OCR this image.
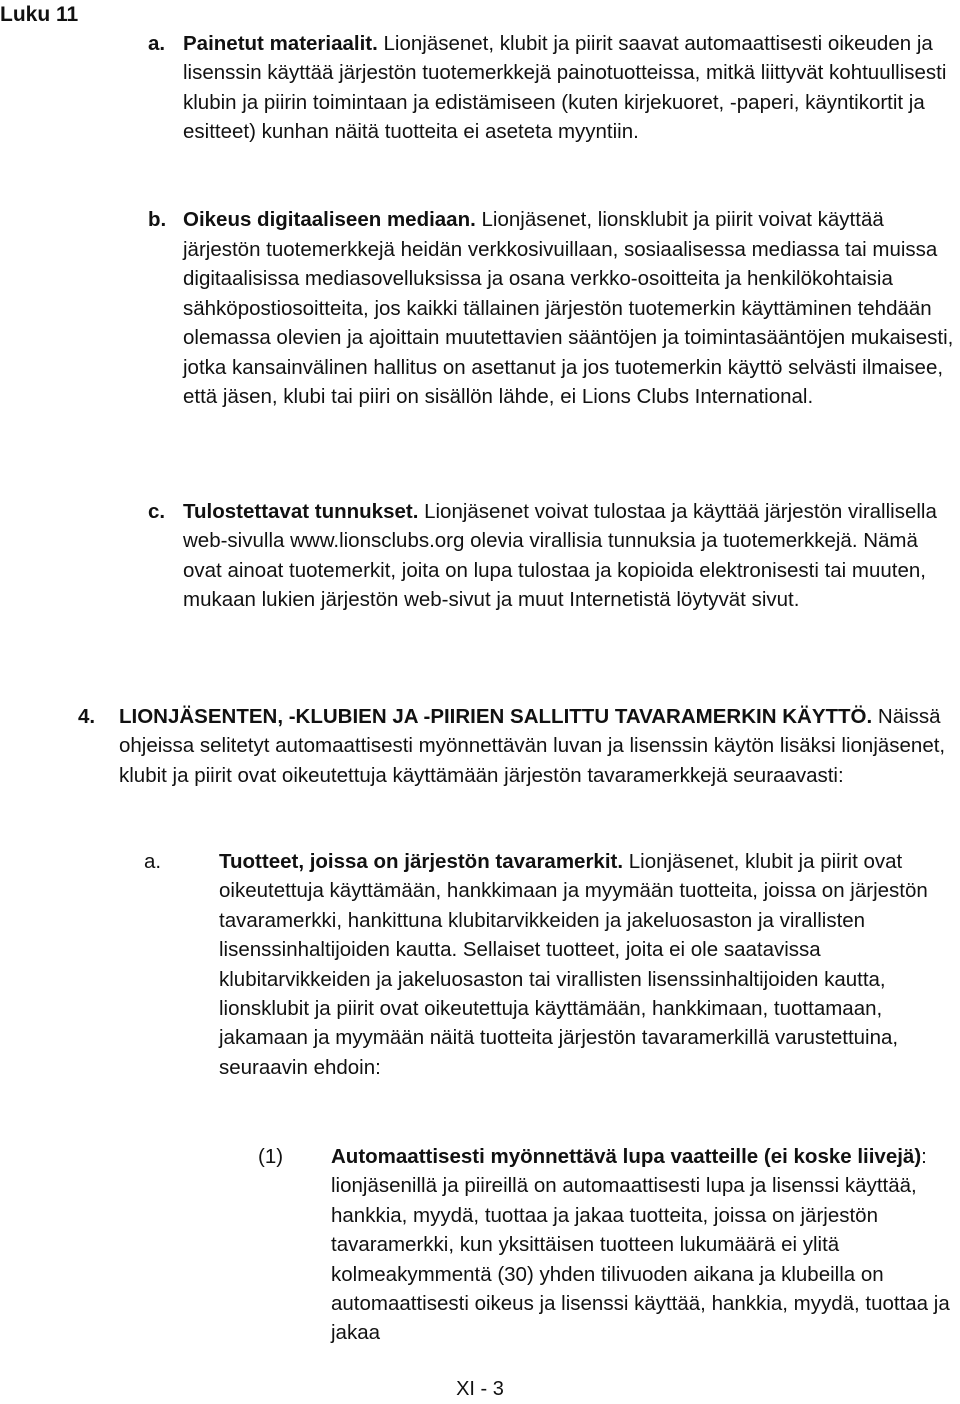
Luku 11
a. Painetut materiaalit. Lionjäsenet, klubit ja piirit saavat automaattisesti oikeuden ja lisenssin käyttää järjestön tuotemerkkejä painotuotteissa, mitkä liittyvät kohtuullisesti klubin ja piirin toimintaan ja edistämiseen (kuten kirjekuoret, -paperi, käyntikortit ja esitteet) kunhan näitä tuotteita ei aseteta myyntiin.

b. Oikeus digitaaliseen mediaan. Lionjäsenet, lionsklubit ja piirit voivat käyttää järjestön tuotemerkkejä heidän verkkosivuillaan, sosiaalisessa mediassa tai muissa digitaalisissa mediasovelluksissa ja osana verkko-osoitteita ja henkilökohtaisia sähköpostiosoitteita, jos kaikki tällainen järjestön tuotemerkin käyttäminen tehdään olemassa olevien ja ajoittain muutettavien sääntöjen ja toimintasääntöjen mukaisesti, jotka kansainvälinen hallitus on asettanut ja jos tuotemerkin käyttö selvästi ilmaisee, että jäsen, klubi tai piiri on sisällön lähde, ei Lions Clubs International.

c. Tulostettavat tunnukset. Lionjäsenet voivat tulostaa ja käyttää järjestön virallisella web-sivulla www.lionsclubs.org olevia virallisia tunnuksia ja tuotemerkkejä. Nämä ovat ainoat tuotemerkit, joita on lupa tulostaa ja kopioida elektronisesti tai muuten, mukaan lukien järjestön web-sivut ja muut Internetistä löytyvät sivut.

4. LIONJÄSENTEN, -KLUBIEN JA -PIIRIEN SALLITTU TAVARAMERKIN KÄYTTÖ. Näissä ohjeissa selitetyt automaattisesti myönnettävän luvan ja lisenssin käytön lisäksi lionjäsenet, klubit ja piirit ovat oikeutettuja käyttämään järjestön tavaramerkkejä seuraavasti:

a.	Tuotteet, joissa on järjestön tavaramerkit. Lionjäsenet, klubit ja piirit ovat oikeutettuja käyttämään, hankkimaan ja myymään tuotteita, joissa on järjestön tavaramerkki, hankittuna klubitarvikkeiden ja jakeluosaston ja virallisten lisenssinhaltijoiden kautta. Sellaiset tuotteet, joita ei ole saatavissa klubitarvikkeiden ja jakeluosaston tai virallisten lisenssinhaltijoiden kautta, lionsklubit ja piirit ovat oikeutettuja käyttämään, hankkimaan, tuottamaan, jakamaan ja myymään näitä tuotteita järjestön tavaramerkillä varustettuina, seuraavin ehdoin:

(1) Automaattisesti myönnettävä lupa vaatteille (ei koske liivejä): lionjäsenillä ja piireillä on automaattisesti lupa ja lisenssi käyttää, hankkia, myydä, tuottaa ja jakaa tuotteita, joissa on järjestön tavaramerkki, kun yksittäisen tuotteen lukumäärä ei ylitä kolmeakymmentä (30) yhden tilivuoden aikana ja klubeilla on automaattisesti oikeus ja lisenssi käyttää, hankkia, myydä, tuottaa ja jakaa

XI - 3
